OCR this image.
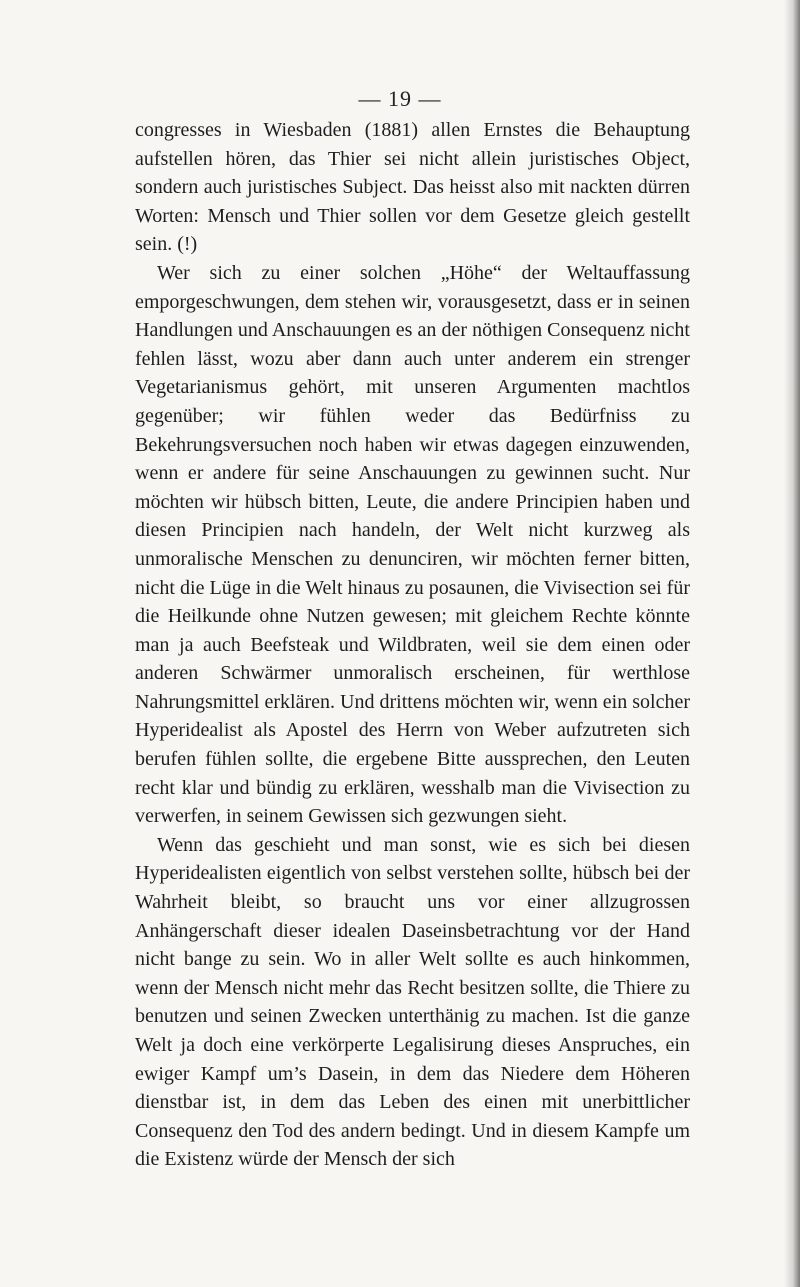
— 19 —

congresses in Wiesbaden (1881) allen Ernstes die Behauptung aufstellen hören, das Thier sei nicht allein juristisches Object, sondern auch juristisches Subject. Das heisst also mit nackten dürren Worten: Mensch und Thier sollen vor dem Gesetze gleich gestellt sein. (!)

Wer sich zu einer solchen „Höhe“ der Weltauffassung emporgeschwungen, dem stehen wir, vorausgesetzt, dass er in seinen Handlungen und Anschauungen es an der nöthigen Consequenz nicht fehlen lässt, wozu aber dann auch unter anderem ein strenger Vegetarianismus gehört, mit unseren Argumenten machtlos gegenüber; wir fühlen weder das Bedürfniss zu Bekehrungsversuchen noch haben wir etwas dagegen einzuwenden, wenn er andere für seine Anschauungen zu gewinnen sucht. Nur möchten wir hübsch bitten, Leute, die andere Principien haben und diesen Principien nach handeln, der Welt nicht kurzweg als unmoralische Menschen zu denunciren, wir möchten ferner bitten, nicht die Lüge in die Welt hinaus zu posaunen, die Vivisection sei für die Heilkunde ohne Nutzen gewesen; mit gleichem Rechte könnte man ja auch Beefsteak und Wildbraten, weil sie dem einen oder anderen Schwärmer unmoralisch erscheinen, für werthlose Nahrungsmittel erklären. Und drittens möchten wir, wenn ein solcher Hyperidealist als Apostel des Herrn von Weber aufzutreten sich berufen fühlen sollte, die ergebene Bitte aussprechen, den Leuten recht klar und bündig zu erklären, wesshalb man die Vivisection zu verwerfen, in seinem Gewissen sich gezwungen sieht.

Wenn das geschieht und man sonst, wie es sich bei diesen Hyperidealisten eigentlich von selbst verstehen sollte, hübsch bei der Wahrheit bleibt, so braucht uns vor einer allzugrossen Anhängerschaft dieser idealen Daseinsbetrachtung vor der Hand nicht bange zu sein. Wo in aller Welt sollte es auch hinkommen, wenn der Mensch nicht mehr das Recht besitzen sollte, die Thiere zu benutzen und seinen Zwecken unterthänig zu machen. Ist die ganze Welt ja doch eine verkörperte Legalisirung dieses Anspruches, ein ewiger Kampf um’s Dasein, in dem das Niedere dem Höheren dienstbar ist, in dem das Leben des einen mit unerbittlicher Consequenz den Tod des andern bedingt. Und in diesem Kampfe um die Existenz würde der Mensch der sich
